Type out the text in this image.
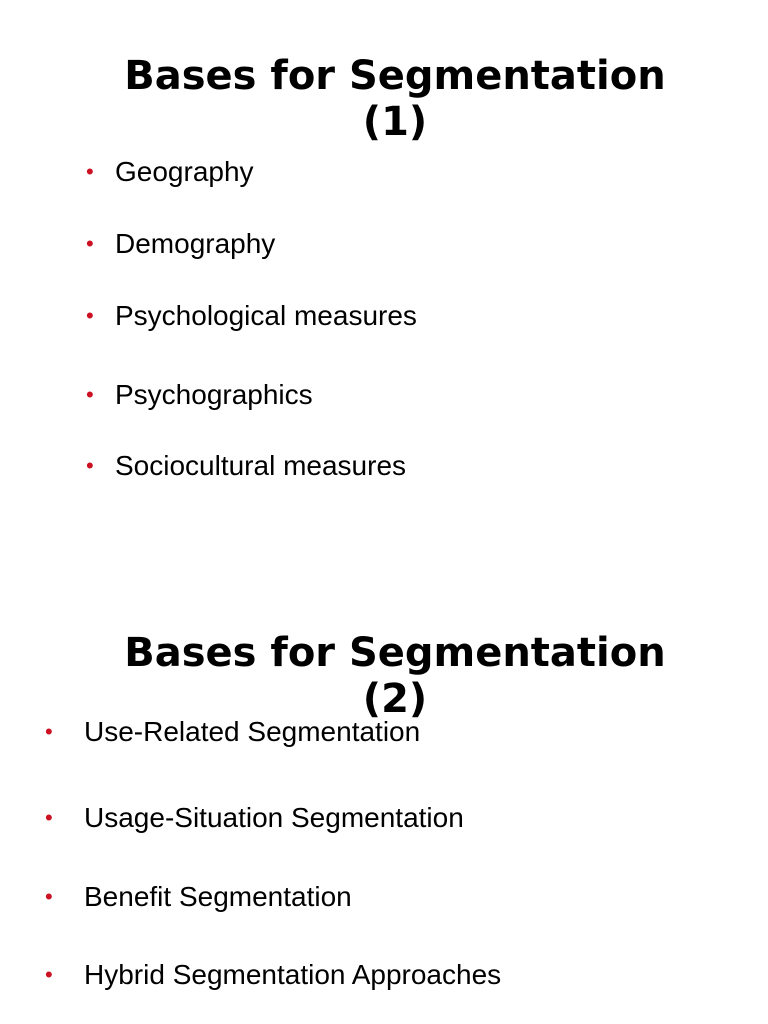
Bases for Segmentation
(1)
• Geography
• Demography
• Psychological measures
• Psychographics
• Sociocultural measures
Bases for Segmentation
(2)
• Use-Related Segmentation
• Usage-Situation Segmentation
• Benefit Segmentation
• Hybrid Segmentation Approaches
